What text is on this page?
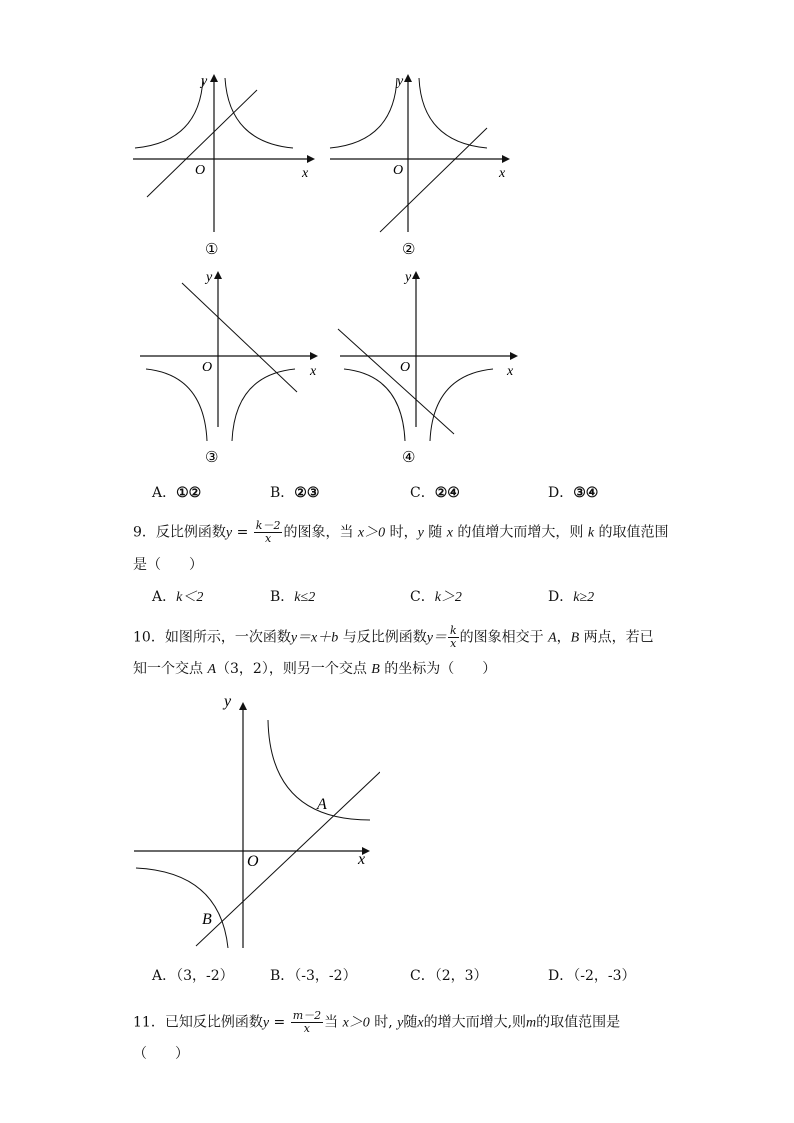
y
x
O
①
y
x
O
②
y
x
O
③
y
x
O
④
A．①②	B．②③	C．②④	D．③④
9．反比例函数$y = \frac{k-2}{x}$ 的图象，当 x＞0 时，y 随 x 的值增大而增大，则 k 的取值范围
是（　　）
A．k＜2	B．k≤2	C．k＞2	D．k≥2
10．如图所示，一次函数y＝x＋b 与反比例函数$y= \frac{k}{x}$ 的图象相交于 A，B 两点，若已
知一个交点 A（3，2），则另一个交点 B 的坐标为（　　）
y
x
O
A
B
A．（3，-2）	B．（-3，-2）	C．（2，3）	D．（-2，-3）
11．已知反比例函数$y = \frac{m-2}{x}$ 当 x＞0 时, y随x的增大而增大,则m的取值范围是
（　　）
